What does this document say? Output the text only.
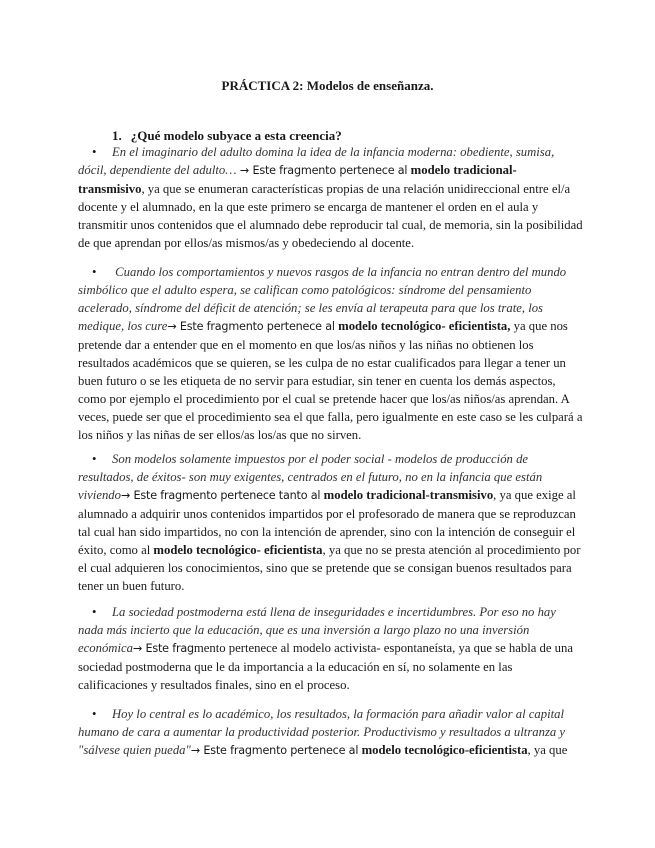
PRÁCTICA 2: Modelos de enseñanza.
1. ¿Qué modelo subyace a esta creencia?

• En el imaginario del adulto domina la idea de la infancia moderna: obediente, sumisa, dócil, dependiente del adulto… → Este fragmento pertenece al modelo tradicional-transmisivo, ya que se enumeran características propias de una relación unidireccional entre el/a docente y el alumnado, en la que este primero se encarga de mantener el orden en el aula y transmitir unos contenidos que el alumnado debe reproducir tal cual, de memoria, sin la posibilidad de que aprendan por ellos/as mismos/as y obedeciendo al docente.

• Cuando los comportamientos y nuevos rasgos de la infancia no entran dentro del mundo simbólico que el adulto espera, se califican como patológicos: síndrome del pensamiento acelerado, síndrome del déficit de atención; se les envía al terapeuta para que los trate, los medique, los cure→ Este fragmento pertenece al modelo tecnológico- eficientista, ya que nos pretende dar a entender que en el momento en que los/as niños y las niñas no obtienen los resultados académicos que se quieren, se les culpa de no estar cualificados para llegar a tener un buen futuro o se les etiqueta de no servir para estudiar, sin tener en cuenta los demás aspectos, como por ejemplo el procedimiento por el cual se pretende hacer que los/as niños/as aprendan. A veces, puede ser que el procedimiento sea el que falla, pero igualmente en este caso se les culpará a los niños y las niñas de ser ellos/as los/as que no sirven.

• Son modelos solamente impuestos por el poder social - modelos de producción de resultados, de éxitos- son muy exigentes, centrados en el futuro, no en la infancia que están viviendo→ Este fragmento pertenece tanto al modelo tradicional-transmisivo, ya que exige al alumnado a adquirir unos contenidos impartidos por el profesorado de manera que se reproduzcan tal cual han sido impartidos, no con la intención de aprender, sino con la intención de conseguir el éxito, como al modelo tecnológico- eficientista, ya que no se presta atención al procedimiento por el cual adquieren los conocimientos, sino que se pretende que se consigan buenos resultados para tener un buen futuro.

• La sociedad postmoderna está llena de inseguridades e incertidumbres. Por eso no hay nada más incierto que la educación, que es una inversión a largo plazo no una inversión económica→ Este fragmento pertenece al modelo activista- espontaneísta, ya que se habla de una sociedad postmoderna que le da importancia a la educación en sí, no solamente en las calificaciones y resultados finales, sino en el proceso.

• Hoy lo central es lo académico, los resultados, la formación para añadir valor al capital humano de cara a aumentar la productividad posterior. Productivismo y resultados a ultranza y "sálvese quien pueda"→ Este fragmento pertenece al modelo tecnológico-eficientista, ya que
